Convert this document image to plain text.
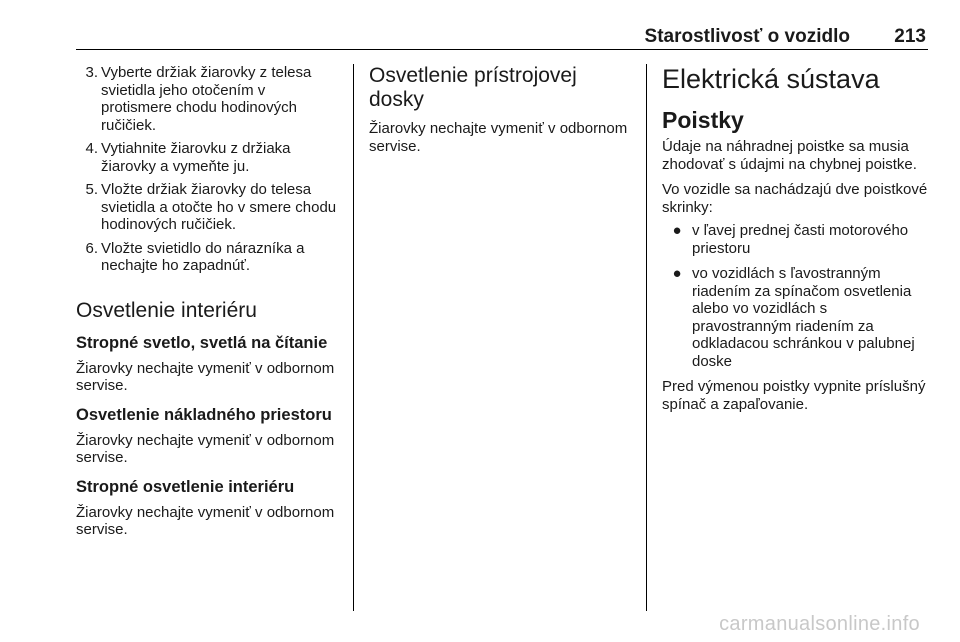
Starostlivosť o vozidlo 213
3. Vyberte držiak žiarovky z telesa svietidla jeho otočením v protismere chodu hodinových ručičiek.
4. Vytiahnite žiarovku z držiaka žiarovky a vymeňte ju.
5. Vložte držiak žiarovky do telesa svietidla a otočte ho v smere chodu hodinových ručičiek.
6. Vložte svietidlo do nárazníka a nechajte ho zapadnúť.
Osvetlenie interiéru
Stropné svetlo, svetlá na čítanie

Žiarovky nechajte vymeniť v odbornom servise.

Osvetlenie nákladného priestoru

Žiarovky nechajte vymeniť v odbornom servise.

Stropné osvetlenie interiéru

Žiarovky nechajte vymeniť v odbornom servise.

Osvetlenie prístrojovej dosky

Žiarovky nechajte vymeniť v odbornom servise.

Elektrická sústava
Poistky

Údaje na náhradnej poistke sa musia zhodovať s údajmi na chybnej poistke.

Vo vozidle sa nachádzajú dve poistkové skrinky:

● v ľavej prednej časti motorového priestoru
● vo vozidlách s ľavostranným riadením za spínačom osvetlenia alebo vo vozidlách s pravostranným riadením za odkladacou schránkou v palubnej doske

Pred výmenou poistky vypnite príslušný spínač a zapaľovanie.

carmanualsonline.info
